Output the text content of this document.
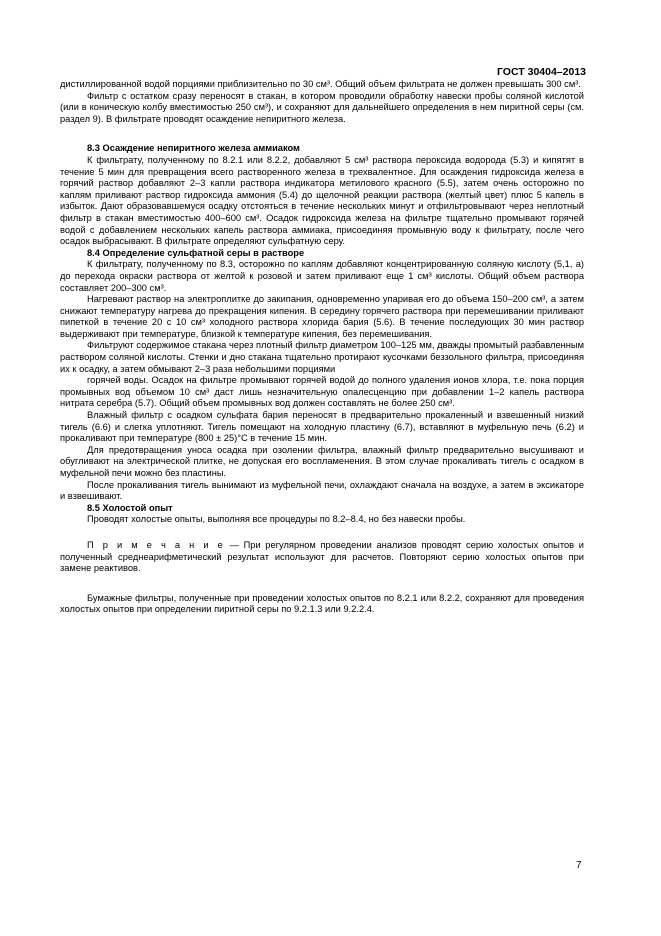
ГОСТ 30404–2013

дистиллированной водой порциями приблизительно по 30 см³. Общий объем фильтрата не должен превышать 300 см³.

Фильтр с остатком сразу переносят в стакан, в котором проводили обработку навески пробы соляной кислотой (или в коническую колбу вместимостью 250 см³), и сохраняют для дальнейшего определения в нем пиритной серы (см. раздел 9). В фильтрате проводят осаждение непиритного железа.

8.3 Осаждение непиритного железа аммиаком

К фильтрату, полученному по 8.2.1 или 8.2.2, добавляют 5 см³ раствора пероксида водорода (5.3) и кипятят в течение 5 мин для превращения всего растворенного железа в трехвалентное. Для осаждения гидроксида железа в горячий раствор добавляют 2–3 капли раствора индикатора метилового красного (5.5), затем очень осторожно по каплям приливают раствор гидроксида аммония (5.4) до щелочной реакции раствора (желтый цвет) плюс 5 капель в избыток. Дают образовавшемуся осадку отстояться в течение нескольких минут и отфильтровывают через неплотный фильтр в стакан вместимостью 400–600 см³. Осадок гидроксида железа на фильтре тщательно промывают горячей водой с добавлением нескольких капель раствора аммиака, присоединяя промывную воду к фильтрату, после чего осадок выбрасывают. В фильтрате определяют сульфатную серу.

8.4 Определение сульфатной серы в растворе

К фильтрату, полученному по 8.3, осторожно по каплям добавляют концентрированную соляную кислоту (5,1, а) до перехода окраски раствора от желтой к розовой и затем приливают еще 1 см³ кислоты. Общий объем раствора составляет 200–300 см³.

Нагревают раствор на электроплитке до закипания, одновременно упаривая его до объема 150–200 см³, а затем снижают температуру нагрева до прекращения кипения. В середину горячего раствора при перемешивании приливают пипеткой в течение 20 с 10 см³ холодного раствора хлорида бария (5.6). В течение последующих 30 мин раствор выдерживают при температуре, близкой к температуре кипения, без перемешивания.

Фильтруют содержимое стакана через плотный фильтр диаметром 100–125 мм, дважды промытый разбавленным раствором соляной кислоты. Стенки и дно стакана тщательно протирают кусочками беззольного фильтра, присоединяя их к осадку, а затем обмывают 2–3 раза небольшими порциями

горячей воды. Осадок на фильтре промывают горячей водой до полного удаления ионов хлора, т.е. пока порция промывных вод объемом 10 см³ даст лишь незначительную опалесценцию при добавлении 1–2 капель раствора нитрата серебра (5.7). Общий объем промывных вод должен составлять не более 250 см³.

Влажный фильтр с осадком сульфата бария переносят в предварительно прокаленный и взвешенный низкий тигель (6.6) и слегка уплотняют. Тигель помещают на холодную пластину (6.7), вставляют в муфельную печь (6.2) и прокаливают при температуре (800 ± 25)°С в течение 15 мин.

Для предотвращения уноса осадка при озолении фильтра, влажный фильтр предварительно высушивают и обугливают на электрической плитке, не допуская его воспламенения. В этом случае прокаливать тигель с осадком в муфельной печи можно без пластины.

После прокаливания тигель вынимают из муфельной печи, охлаждают сначала на воздухе, а затем в эксикаторе и взвешивают.

8.5 Холостой опыт

Проводят холостые опыты, выполняя все процедуры по 8.2–8.4, но без навески пробы.

П р и м е ч а н и е — При регулярном проведении анализов проводят серию холостых опытов и полученный среднеарифметический результат используют для расчетов. Повторяют серию холостых опытов при замене реактивов.

Бумажные фильтры, полученные при проведении холостых опытов по 8.2.1 или 8.2.2, сохраняют для проведения холостых опытов при определении пиритной серы по 9.2.1.3 или 9.2.2.4.

7
